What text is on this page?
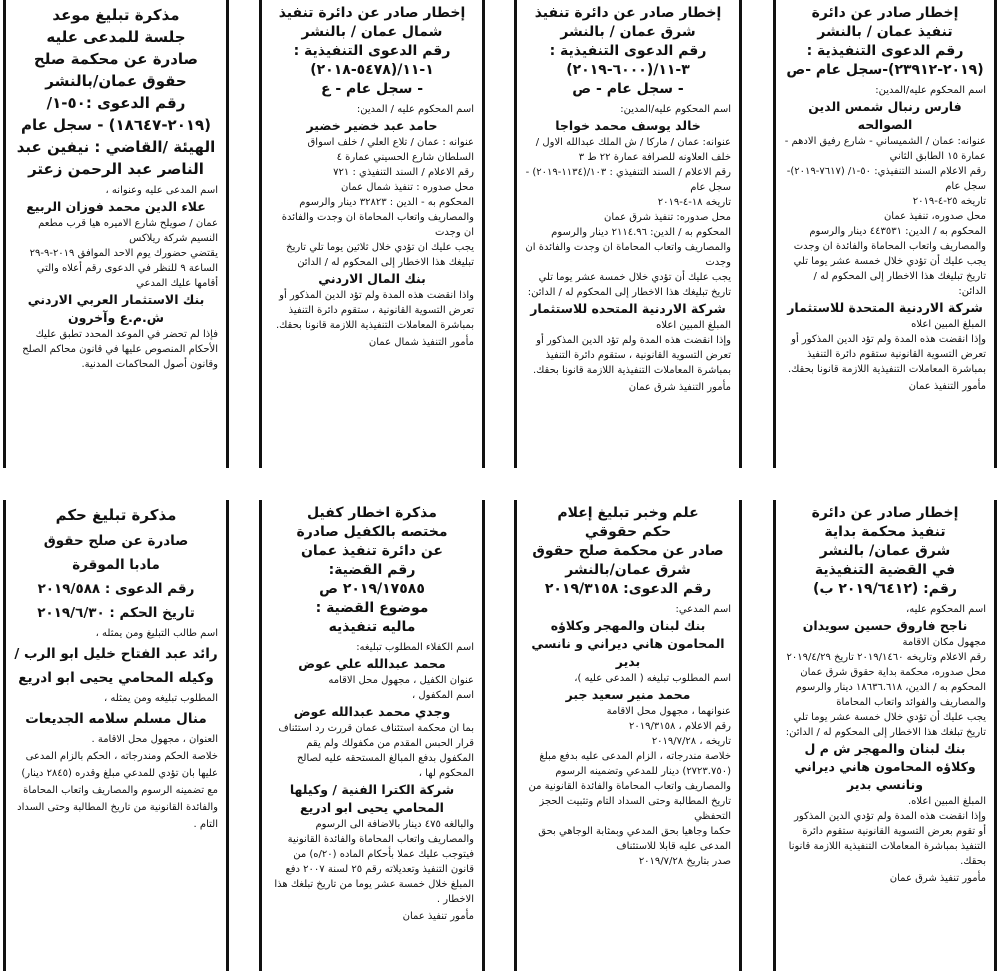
إخطار صادر عن دائرة
تنفيذ عمان / بالنشر
رقم الدعوى التنفيذية :
(٢٠١٩-٢٣٩١٢)-سجل عام -ص
اسم المحكوم عليه/المدين:
فارس رنبال شمس الدين الصوالحه
عنوانه: عمان / الشميساني - شارع رفيق الادهم - عمارة ١٥ الطابق الثاني
رقم الاعلام السند التنفيذي: ٥٠-١/ (٧٦١٧-٢٠١٩)- سجل عام
تاريخه ٢٥-٤-٢٠١٩
محل صدوره، تنفيذ عمان
المحكوم به / الدين: ٤٤٣٥٣١ دينار والرسوم والمصاريف واتعاب المحاماة والفائدة ان وجدت
يجب عليك أن تؤدي خلال خمسة عشر يوما تلي تاريخ تبليغك هذا الاخطار إلى المحكوم له / الدائن:
شركة الاردنية المتحدة للاستثمار
المبلغ المبين اعلاه
وإذا انقضت هذه المدة ولم تؤد الدين المذكور أو تعرض التسوية القانونية ستقوم دائرة التنفيذ بمباشرة المعاملات التنفيذية اللازمة قانونا بحقك.
مأمور التنفيذ عمان
إخطار صادر عن دائرة تنفيذ
شرق عمان / بالنشر
رقم الدعوى التنفيذية :
٣-١١/(٦٠٠٠-٢٠١٩)
- سجل عام - ص
اسم المحكوم عليه/المدين:
خالد يوسف محمد خواجا
عنوانه: عمان / ماركا / ش الملك عبدالله الاول / خلف العلاونه للصرافة عمارة ٢٢ ط ٣
رقم الاعلام / السند التنفيذي : ١٠٣/(١١٣٤-٢٠١٩) - سجل عام
تاريخه ١٨-٤-٢٠١٩
محل صدوره: تنفيذ شرق عمان
المحكوم به / الدين: ٢١١٤.٩٦ دينار والرسوم والمصاريف واتعاب المحاماة ان وجدت والفائدة ان وجدت
يجب عليك أن تؤدي خلال خمسة عشر يوما تلي تاريخ تبليغك هذا الاخطار إلى المحكوم له / الدائن:
شركة الاردنية المتحده للاستثمار
المبلغ المبين اعلاه
وإذا انقضت هذه المدة ولم تؤد الدين المذكور أو تعرض التسوية القانونية ، ستقوم دائرة التنفيذ بمباشرة المعاملات التنفيذية اللازمة قانونا بحقك.
مأمور التنفيذ شرق عمان
إخطار صادر عن دائرة تنفيذ
شمال عمان / بالنشر
رقم الدعوى التنفيذية :
١-١١/(٥٤٧٨-٢٠١٨)
- سجل عام - ع
اسم المحكوم عليه / المدين:
حامد عبد خضير خضير
عنوانه : عمان / تلاع العلي / خلف اسواق السلطان شارع الحسيني عمارة ٤
رقم الاعلام / السند التنفيذي : ٧٢١
محل صدوره : تنفيذ شمال عمان
المحكوم به - الدين : ٣٢٨٢٣ دينار والرسوم والمصاريف واتعاب المحاماة ان وجدت والفائدة ان وجدت
يجب عليك ان تؤدي خلال ثلاثين يوما تلي تاريخ تبليغك هذا الاخطار إلى المحكوم له / الدائن
بنك المال الاردني
واذا انقضت هذه المدة ولم تؤد الدين المذكور أو تعرض التسوية القانونية ، ستقوم دائرة التنفيذ بمباشرة المعاملات التنفيذية اللازمة قانونا بحقك.
مأمور التنفيذ شمال عمان
مذكرة تبليغ موعد
جلسة للمدعى عليه
صادرة عن محكمة صلح
حقوق عمان/بالنشر
رقم الدعوى :٥٠-١/
(٢٠١٩-١٨٦٤٧) - سجل عام
الهيئة /القاضي : نيفين عبد
الناصر عبد الرحمن زعتر
اسم المدعى عليه وعنوانه ،
علاء الدين محمد فوزان الربيع
عمان / صويلح شارع الاميره هيا قرب مطعم النسيم شركة ريلاكس
يقتضي حضورك يوم الاحد الموافق ٢٠١٩-٩-٢٩ الساعة ٩ للنظر في الدعوى رقم أعلاه والتي أقامها عليك المدعي
بنك الاستثمار العربي الاردني ش.م.ع وآخرون
فإذا لم تحضر في الموعد المحدد تطبق عليك الأحكام المنصوص عليها في قانون محاكم الصلح وقانون أصول المحاكمات المدنية.
إخطار صادر عن دائرة
تنفيذ محكمة بداية
شرق عمان/ بالنشر
في القضية التنفيذية
رقم: (٢٠١٩/٦٤١٢ ب)
اسم المحكوم عليه،
ناجح فاروق حسين سويدان
مجهول مكان الاقامة
رقم الاعلام وتاريخه ٢٠١٩/١٤٦٠ تاريخ ٢٠١٩/٤/٢٩
محل صدوره، محكمة بداية حقوق شرق عمان
المحكوم به / الدين، ١٨٦٣٦.٦١٨ دينار والرسوم والمصاريف والفوائد واتعاب المحاماة
يجب عليك أن تؤدي خلال خمسة عشر يوما تلي تاريخ تبلغك هذا الاخطار إلى المحكوم له / الدائن:
بنك لبنان والمهجر ش م ل وكلاؤه المحامون هاني ديراني ونانسي بدير
المبلغ المبين اعلاه.
وإذا انقضت هذه المدة ولم تؤدي الدين المذكور أو تقوم بعرض التسوية القانونية ستقوم دائرة التنفيذ بمباشرة المعاملات التنفيذية اللازمة قانونا بحقك.
مأمور تنفيذ شرق عمان
علم وخبر تبليغ إعلام
حكم حقوقي
صادر عن محكمة صلح حقوق
شرق عمان/بالنشر
رقم الدعوى: ٢٠١٩/٣١٥٨
اسم المدعي:
بنك لبنان والمهجر وكلاؤه المحامون هاني ديراني و نانسي بدير
اسم المطلوب تبليغه ( المدعى عليه )،
محمد منير سعيد جبر
عنوانهما ، مجهول محل الاقامة
رقم الاعلام ، ٢٠١٩/٣١٥٨
تاريخه ، ٢٠١٩/٧/٢٨
خلاصة مندرجاته ، الزام المدعى عليه بدفع مبلغ (٢٧٢٣.٧٥٠) دينار للمدعي وتضمينه الرسوم والمصاريف واتعاب المحاماة والفائدة القانونية من تاريخ المطالبة وحتى السداد التام وتثبيت الحجز التحفظي
حكما وجاهيا بحق المدعي وبمثابة الوجاهي بحق المدعى عليه قابلا للاستئناف
صدر بتاريخ ٢٠١٩/٧/٢٨
مذكرة اخطار كفيل
مختصه بالكفيل صادرة
عن دائرة تنفيذ عمان
رقم القضية:
٢٠١٩/١٧٥٨٥ ص
موضوع القضية :
ماليه تنفيذيه
اسم الكفلاء المطلوب تبليغه:
محمد عبدالله علي عوض
عنوان الكفيل ، مجهول محل الاقامه
اسم المكفول ،
وجدي محمد عبدالله عوض
بما ان محكمة استئناف عمان قررت رد استئناف قرار الحبس المقدم من مكفولك ولم يقم المكفول بدفع المبالغ المستحقه عليه لصالح المحكوم لها ،
شركة الكترا الفنية / وكيلها المحامي يحيى ابو ادريع
والبالغه ٤٧٥ دينار بالاضافة الى الرسوم والمصاريف واتعاب المحاماة والفائدة القانونية فيتوجب عليك عملا بأحكام الماده (٢٠/ه) من قانون التنفيذ وتعديلاته رقم ٢٥ لسنة ٢٠٠٧ دفع المبلغ خلال خمسة عشر يوما من تاريخ تبلغك هذا الاخطار .
مأمور تنفيذ عمان
مذكرة تبليغ حكم
صادرة عن صلح حقوق
مادبا الموقرة
رقم الدعوى : ٢٠١٩/٥٨٨
تاريخ الحكم : ٢٠١٩/٦/٣٠
اسم طالب التبليغ ومن يمثله ،
رائد عبد الفتاح خليل ابو الرب / وكيله المحامي يحيى ابو ادريع
المطلوب تبليغه ومن يمثله ،
منال مسلم سلامه الجديعات
العنوان ، مجهول محل الاقامة .
خلاصة الحكم ومندرجاته ، الحكم بالزام المدعى عليها بان تؤدي للمدعي مبلغ وقدره (٢٨٤٥ دينار) مع تضمينه الرسوم والمصاريف واتعاب المحاماة والفائدة القانونية من تاريخ المطالبة وحتى السداد التام .
